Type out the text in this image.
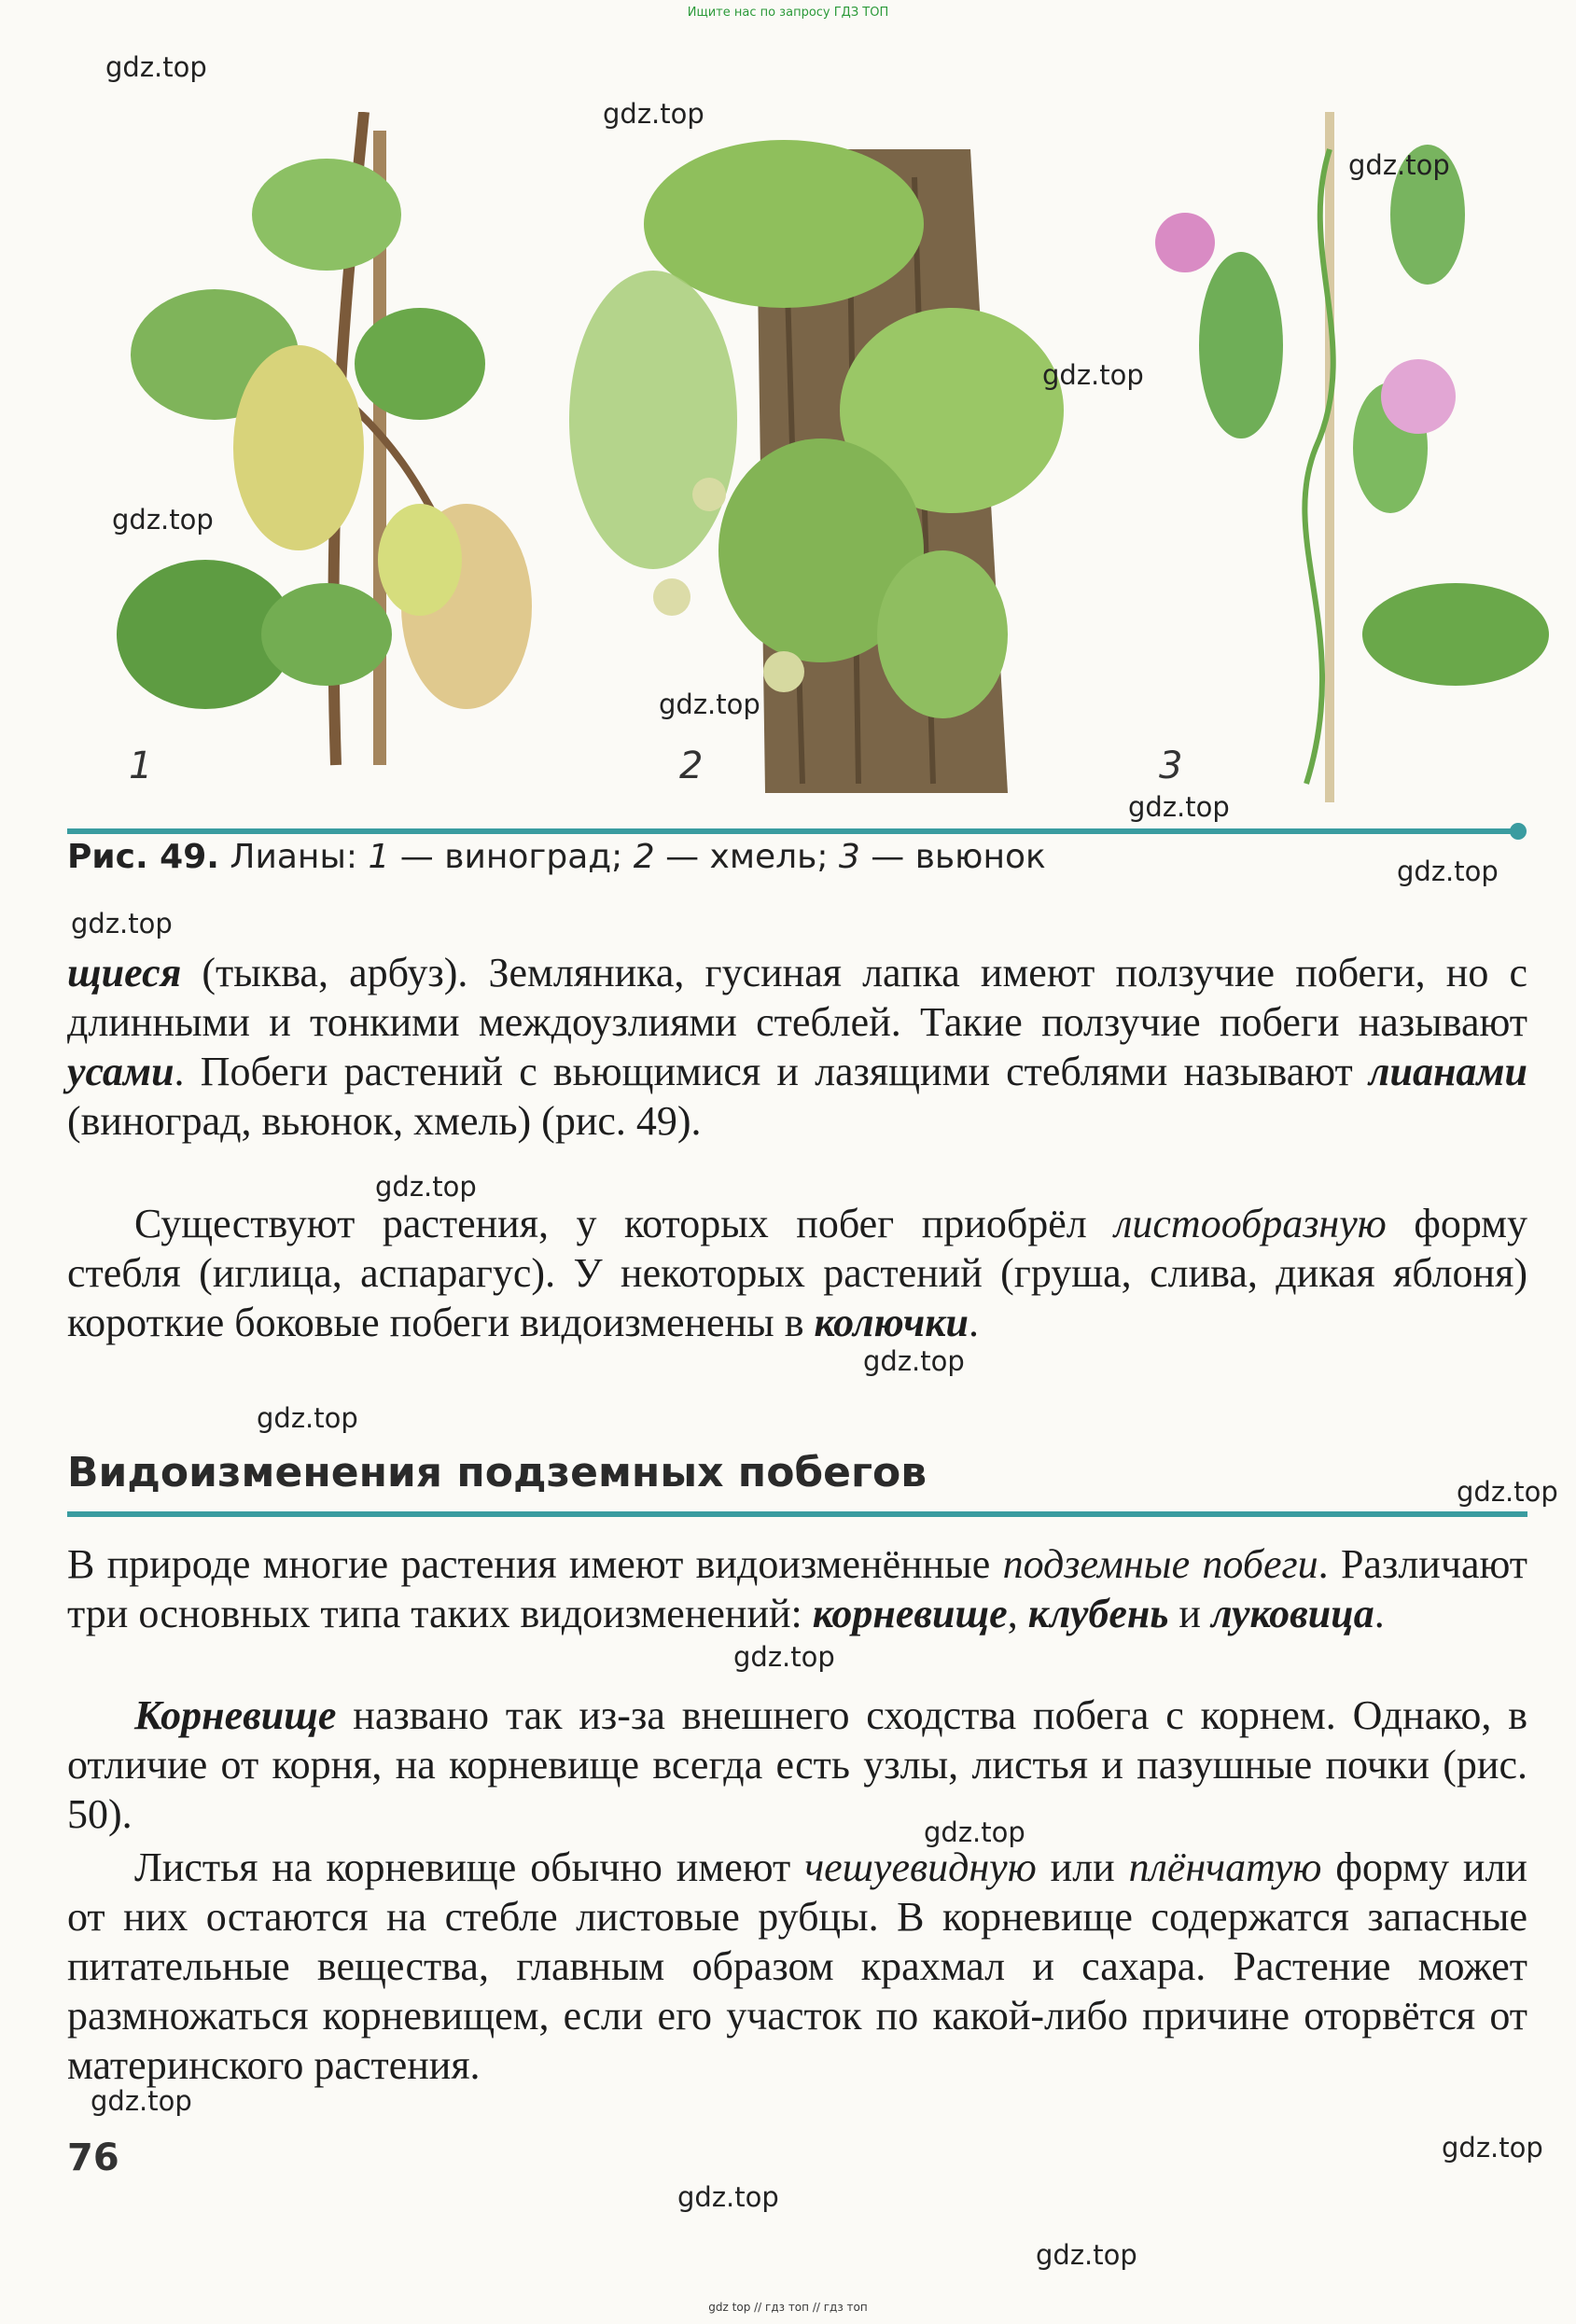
Ищите нас по запросу ГДЗ ТОП
1	2	3
Рис. 49. Лианы: 1 — виноград; 2 — хмель; 3 — вьюнок

щиеся (тыква, арбуз). Земляника, гусиная лапка имеют ползучие побеги, но с длинными и тонкими междоузлиями стеблей. Такие ползучие побеги называют усами. Побеги растений с вьющимися и лазящими стеблями называют лианами (виноград, вьюнок, хмель) (рис. 49).

Существуют растения, у которых побег приобрёл листообразную форму стебля (иглица, аспарагус). У некоторых растений (груша, слива, дикая яблоня) короткие боковые побеги видоизменены в колючки.

Видоизменения подземных побегов

В природе многие растения имеют видоизменённые подземные побеги. Различают три основных типа таких видоизменений: корневище, клубень и луковица.

Корневище названо так из-за внешнего сходства побега с корнем. Однако, в отличие от корня, на корневище всегда есть узлы, листья и пазушные почки (рис. 50).

Листья на корневище обычно имеют чешуевидную или плёнчатую форму или от них остаются на стебле листовые рубцы. В корневище содержатся запасные питательные вещества, главным образом крахмал и сахара. Растение может размножаться корневищем, если его участок по какой-либо причине оторвётся от материнского растения.

76
gdz.top
gdz.top
gdz.top
gdz.top
gdz.top
gdz.top
gdz.top
gdz.top
gdz.top
gdz.top
gdz.top
gdz.top
gdz.top
gdz.top
gdz.top
gdz.top
gdz.top
gdz.top
gdz.top
gdz top // гдз топ // гдз топ
